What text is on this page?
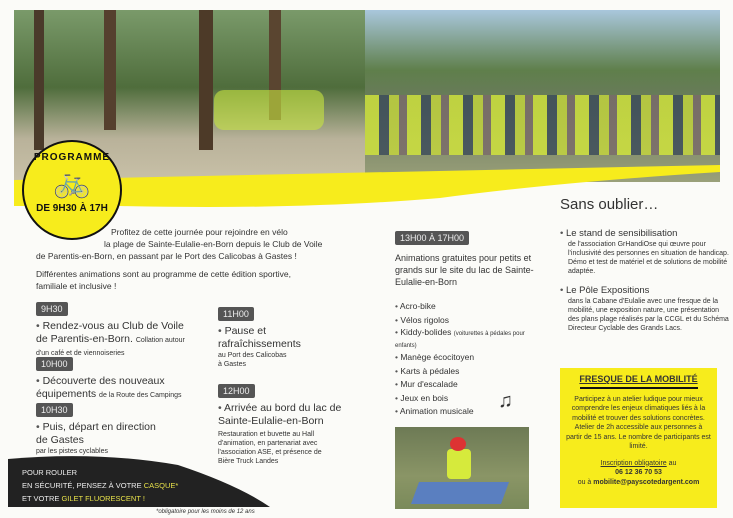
PROGRAMME
🚲
DE 9H30 À 17H
Profitez de cette journée pour rejoindre en vélo
la plage de Sainte-Eulalie-en-Born depuis le Club de Voile
de Parentis-en-Born, en passant par le Port des Calicobas à Gastes !
Différentes animations sont au programme de cette édition sportive, familiale et inclusive !
9H30
• Rendez-vous au Club de Voile de Parentis-en-Born. Collation autour d'un café et de viennoiseries
10H00
• Découverte des nouveaux équipements de la Route des Campings
10H30
• Puis, départ en direction de Gastes
par les pistes cyclables
11H00
• Pause et rafraîchissements
au Port des Calicobas à Gastes
12H00
• Arrivée au bord du lac de Sainte-Eulalie-en-Born
Restauration et buvette au Hall d'animation, en partenariat avec l'association ASE, et présence de Bière Truck Landes
POUR ROULER
EN SÉCURITÉ, PENSEZ À VOTRE CASQUE*
ET VOTRE GILET FLUORESCENT !
*obligatoire pour les moins de 12 ans
13H00 À 17H00
Animations gratuites pour petits et grands sur le site du lac de Sainte-Eulalie-en-Born
• Acro-bike
• Vélos rigolos
• Kiddy-bolides (voiturettes à pédales pour enfants)
• Manège écocitoyen
• Karts à pédales
• Mur d'escalade
• Jeux en bois
• Animation musicale	♫
Sans oublier…
• Le stand de sensibilisation
de l'association GrHandiOse qui œuvre pour l'inclusivité des personnes en situation de handicap. Démo et test de matériel et de solutions de mobilité adaptée.
• Le Pôle Expositions
dans la Cabane d'Eulalie avec une fresque de la mobilité, une exposition nature, une présentation des plans plage réalisés par la CCGL et du Schéma Directeur Cyclable des Grands Lacs.
FRESQUE DE LA MOBILITÉ
Participez à un atelier ludique pour mieux comprendre les enjeux climatiques liés à la mobilité et trouver des solutions concrètes. Atelier de 2h accessible aux personnes à partir de 15 ans. Le nombre de participants est limité.
Inscription obligatoire au
06 12 36 70 53
ou à mobilite@payscotedargent.com
